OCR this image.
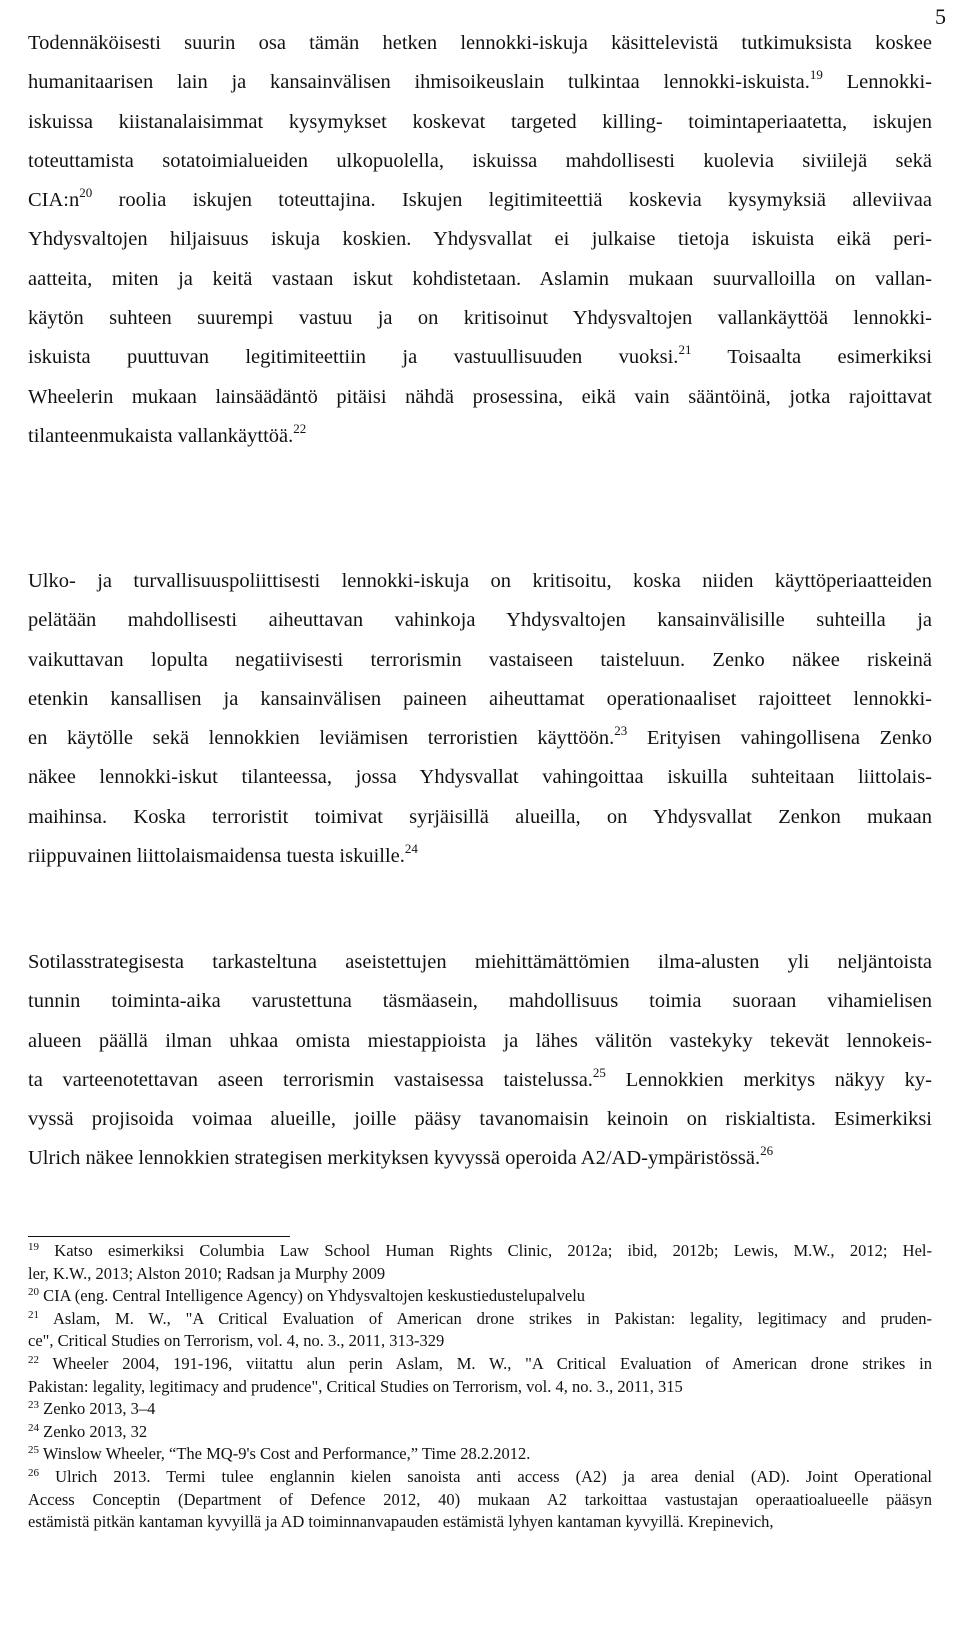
5
Todennäköisesti suurin osa tämän hetken lennokki-iskuja käsittelevistä tutkimuksista koskee
humanitaarisen lain ja kansainvälisen ihmisoikeuslain tulkintaa lennokki-iskuista.$^{19}$ Lennokki-
iskuissa kiistanalaisimmat kysymykset koskevat targeted killing- toimintaperiaatetta, iskujen
toteuttamista sotatoimialueiden ulkopuolella, iskuissa mahdollisesti kuolevia siviilejä sekä
$CIA:n^{20}$ roolia iskujen toteuttajina. Iskujen legitimiteettiä koskevia kysymyksiä alleviivaa
Yhdysvaltojen hiljaisuus iskuja koskien. Yhdysvallat ei julkaise tietoja iskuista eikä peri-
aatteita, miten ja keitä vastaan iskut kohdistetaan. Aslamin mukaan suurvalloilla on vallan-
käytön suhteen suurempi vastuu ja on kritisoinut Yhdysvaltojen vallankäyttöä lennokki-
iskuista puuttuvan legitimiteettiin ja vastuullisuuden vuoksi.$^{21}$ Toisaalta esimerkiksi
Wheelerin mukaan lainsäädäntö pitäisi nähdä prosessina, eikä vain sääntöinä, jotka rajoittavat
tilanteenmukaista vallankäyttöä.$^{22}$
Ulko- ja turvallisuuspoliittisesti lennokki-iskuja on kritisoitu, koska niiden käyttöperiaatteiden
pelätään mahdollisesti aiheuttavan vahinkoja Yhdysvaltojen kansainvälisille suhteilla ja
vaikuttavan lopulta negatiivisesti terrorismin vastaiseen taisteluun. Zenko näkee riskeinä
etenkin kansallisen ja kansainvälisen paineen aiheuttamat operationaaliset rajoitteet lennokki-
en käytölle sekä lennokkien leviämisen terroristien käyttöön.$^{23}$ Erityisen vahingollisena Zenko
näkee lennokki-iskut tilanteessa, jossa Yhdysvallat vahingoittaa iskuilla suhteitaan liittolais-
maihinsa. Koska terroristit toimivat syrjäisillä alueilla, on Yhdysvallat Zenkon mukaan
riippuvainen liittolaismaidensa tuesta iskuille.$^{24}$
Sotilasstrategisesta tarkasteltuna aseistettujen miehittämättömien ilma-alusten yli neljäntoista
tunnin toiminta-aika varustettuna täsmäasein, mahdollisuus toimia suoraan vihamielisen
alueen päällä ilman uhkaa omista miestappioista ja lähes välitön vastekyky tekevät lennokeis-
ta varteenotettavan aseen terrorismin vastaisessa taistelussa.$^{25}$ Lennokkien merkitys näkyy ky-
vyssä projisoida voimaa alueille, joille pääsy tavanomaisin keinoin on riskialtista. Esimerkiksi
Ulrich näkee lennokkien strategisen merkityksen kyvyssä operoida A2/AD-ympäristössä.$^{26}$
$^{19}$ Katso esimerkiksi Columbia Law School Human Rights Clinic, 2012a; ibid, 2012b; Lewis, M.W., 2012; Hel-
ler, K.W., 2013; Alston 2010; Radsan ja Murphy 2009
$^{20}$ CIA (eng. Central Intelligence Agency) on Yhdysvaltojen keskustiedustelupalvelu
$^{21}$ Aslam, M. W., "A Critical Evaluation of American drone strikes in Pakistan: legality, legitimacy and pruden-
ce", Critical Studies on Terrorism, vol. 4, no. 3., 2011, 313-329
$^{22}$ Wheeler 2004, 191-196, viitattu alun perin Aslam, M. W., "A Critical Evaluation of American drone strikes in
Pakistan: legality, legitimacy and prudence", Critical Studies on Terrorism, vol. 4, no. 3., 2011, 315
$^{23}$ Zenko 2013, 3–4
$^{24}$ Zenko 2013, 32
$^{25}$ Winslow Wheeler, “The MQ-9's Cost and Performance,” Time 28.2.2012.
$^{26}$ Ulrich 2013. Termi tulee englannin kielen sanoista anti access (A2) ja area denial (AD). Joint Operational
Access Conceptin (Department of Defence 2012, 40) mukaan A2 tarkoittaa vastustajan operaatioalueelle pääsyn
estämistä pitkän kantaman kyvyillä ja AD toiminnanvapauden estämistä lyhyen kantaman kyvyillä. Krepinevich,
